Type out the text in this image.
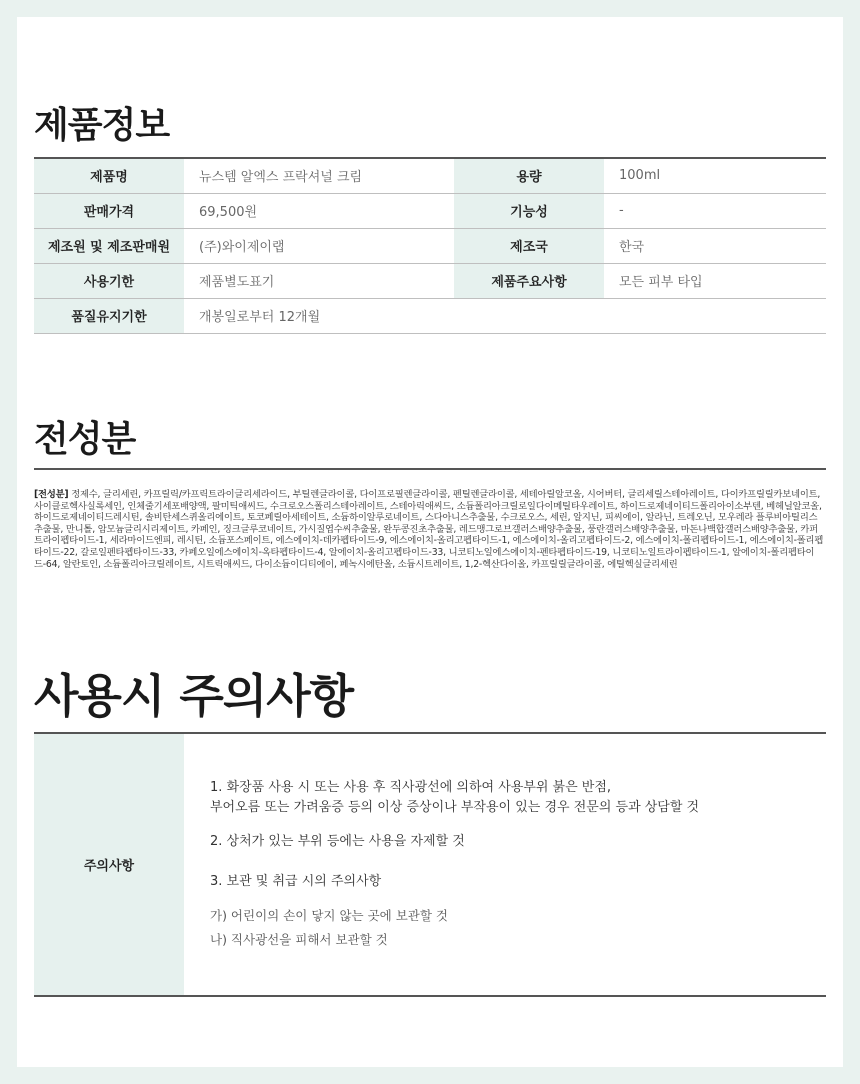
제품정보
제품명	뉴스템 알엑스 프락셔널 크림	용량	100ml
판매가격	69,500원	기능성	-
제조원 및 제조판매원	(주)와이제이랩	제조국	한국
사용기한	제품별도표기	제품주요사항	모든 피부 타입
품질유지기한	개봉일로부터 12개월		
전성분

[전성분] 정제수, 글리세린, 카프릴릭/카프릭트라이글리세라이드, 부틸렌글라이콜, 다이프로필렌글라이콜, 펜틸렌글라이콜, 세테아릴알코올, 시어버터, 글리세릴스테아레이트, 다이카프릴릴카보네이트, 사이클로헥사실록세인, 인체줄기세포배양액, 팔미틱애씨드, 수크로오스폴리스테아레이트, 스테아릭애씨드, 소듐폴리아크릴로일다이메틸타우레이트, 하이드로제네이티드폴리아이소부텐, 베헤닐알코올, 하이드로제네이티드레시틴, 솔비탄세스퀴올리에이트, 토코페릴아세테이트, 소듐하이알루로네이트, 스다아니스추출물, 수크로오스, 세린, 알지닌, 피씨에이, 알라닌, 트레오닌, 모우레라 플루비아틸리스추출물, 만니톨, 암모늄글리시리제이트, 카페인, 징크글루코네이트, 가시질엽수씨추출물, 완두콩진초추출물, 레드맹그로브갤러스배양추출물, 풍란갤러스배양추출물, 마돈나백합갤러스배양추출물, 카퍼트라이펩타이드-1, 세라마이드엔피, 레시틴, 소듐포스페이트, 에스에이치-데카펩타이드-9, 에스에이치-올리고펩타이드-1, 에스에이치-올리고펩타이드-2, 에스에이치-폴리펩타이드-1, 에스에이치-폴리펩타이드-22, 갈로일펜타펩타이드-33, 카페오일에스에이치-옥타펩타이드-4, 알에이치-올리고펩타이드-33, 니코티노일에스에이치-펜타펩타이드-19, 니코티노일트라이펩타이드-1, 알에이치-폴리펩타이드-64, 알란토인, 소듐폴리아크릴레이트, 시트릭애씨드, 다이소듐이디티에이, 페녹시에탄올, 소듐시트레이트, 1,2-헥산다이올, 카프릴릴글라이콜, 에틸헥실글리세린

사용시 주의사항
주의사항
1. 화장품 사용 시 또는 사용 후 직사광선에 의하여 사용부위 붉은 반점,
부어오름 또는 가려움증 등의 이상 증상이나 부작용이 있는 경우 전문의 등과 상담할 것
2. 상처가 있는 부위 등에는 사용을 자제할 것
3. 보관 및 취급 시의 주의사항
가) 어린이의 손이 닿지 않는 곳에 보관할 것
나) 직사광선을 피해서 보관할 것
